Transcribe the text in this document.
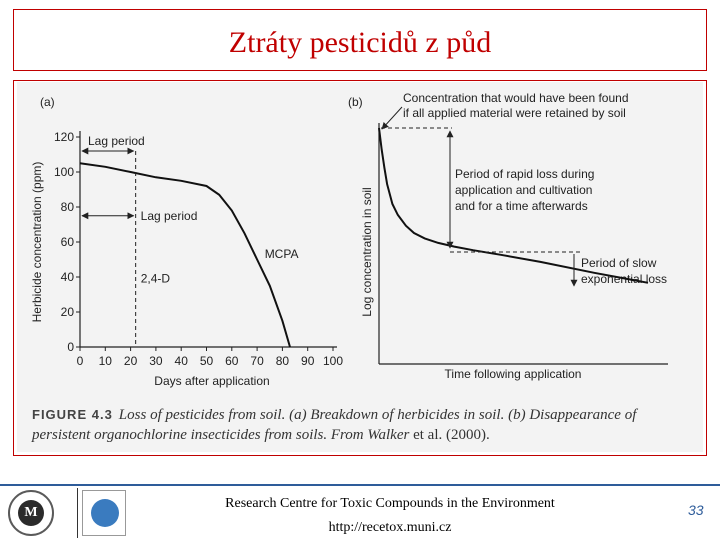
Ztráty pesticidů z půd
(a)
Herbicide concentration (ppm)
Days after application
0
20
40
60
80
100
120
0 10 20 30 40 50 60 70 80 90 100
Lag period
Lag period
2,4-D
MCPA
(b)
Log concentration in soil
Time following application
Concentration that would have been found
if all applied material were retained by soil
Period of rapid loss during
application and cultivation
and for a time afterwards
Period of slow
exponential loss
FIGURE 4.3 Loss of pesticides from soil. (a) Breakdown of herbicides in soil. (b) Disappearance of persistent organochlorine insecticides from soils. From Walker et al. (2000).
M
Research Centre for Toxic Compounds in the Environment
http://recetox.muni.cz
33
